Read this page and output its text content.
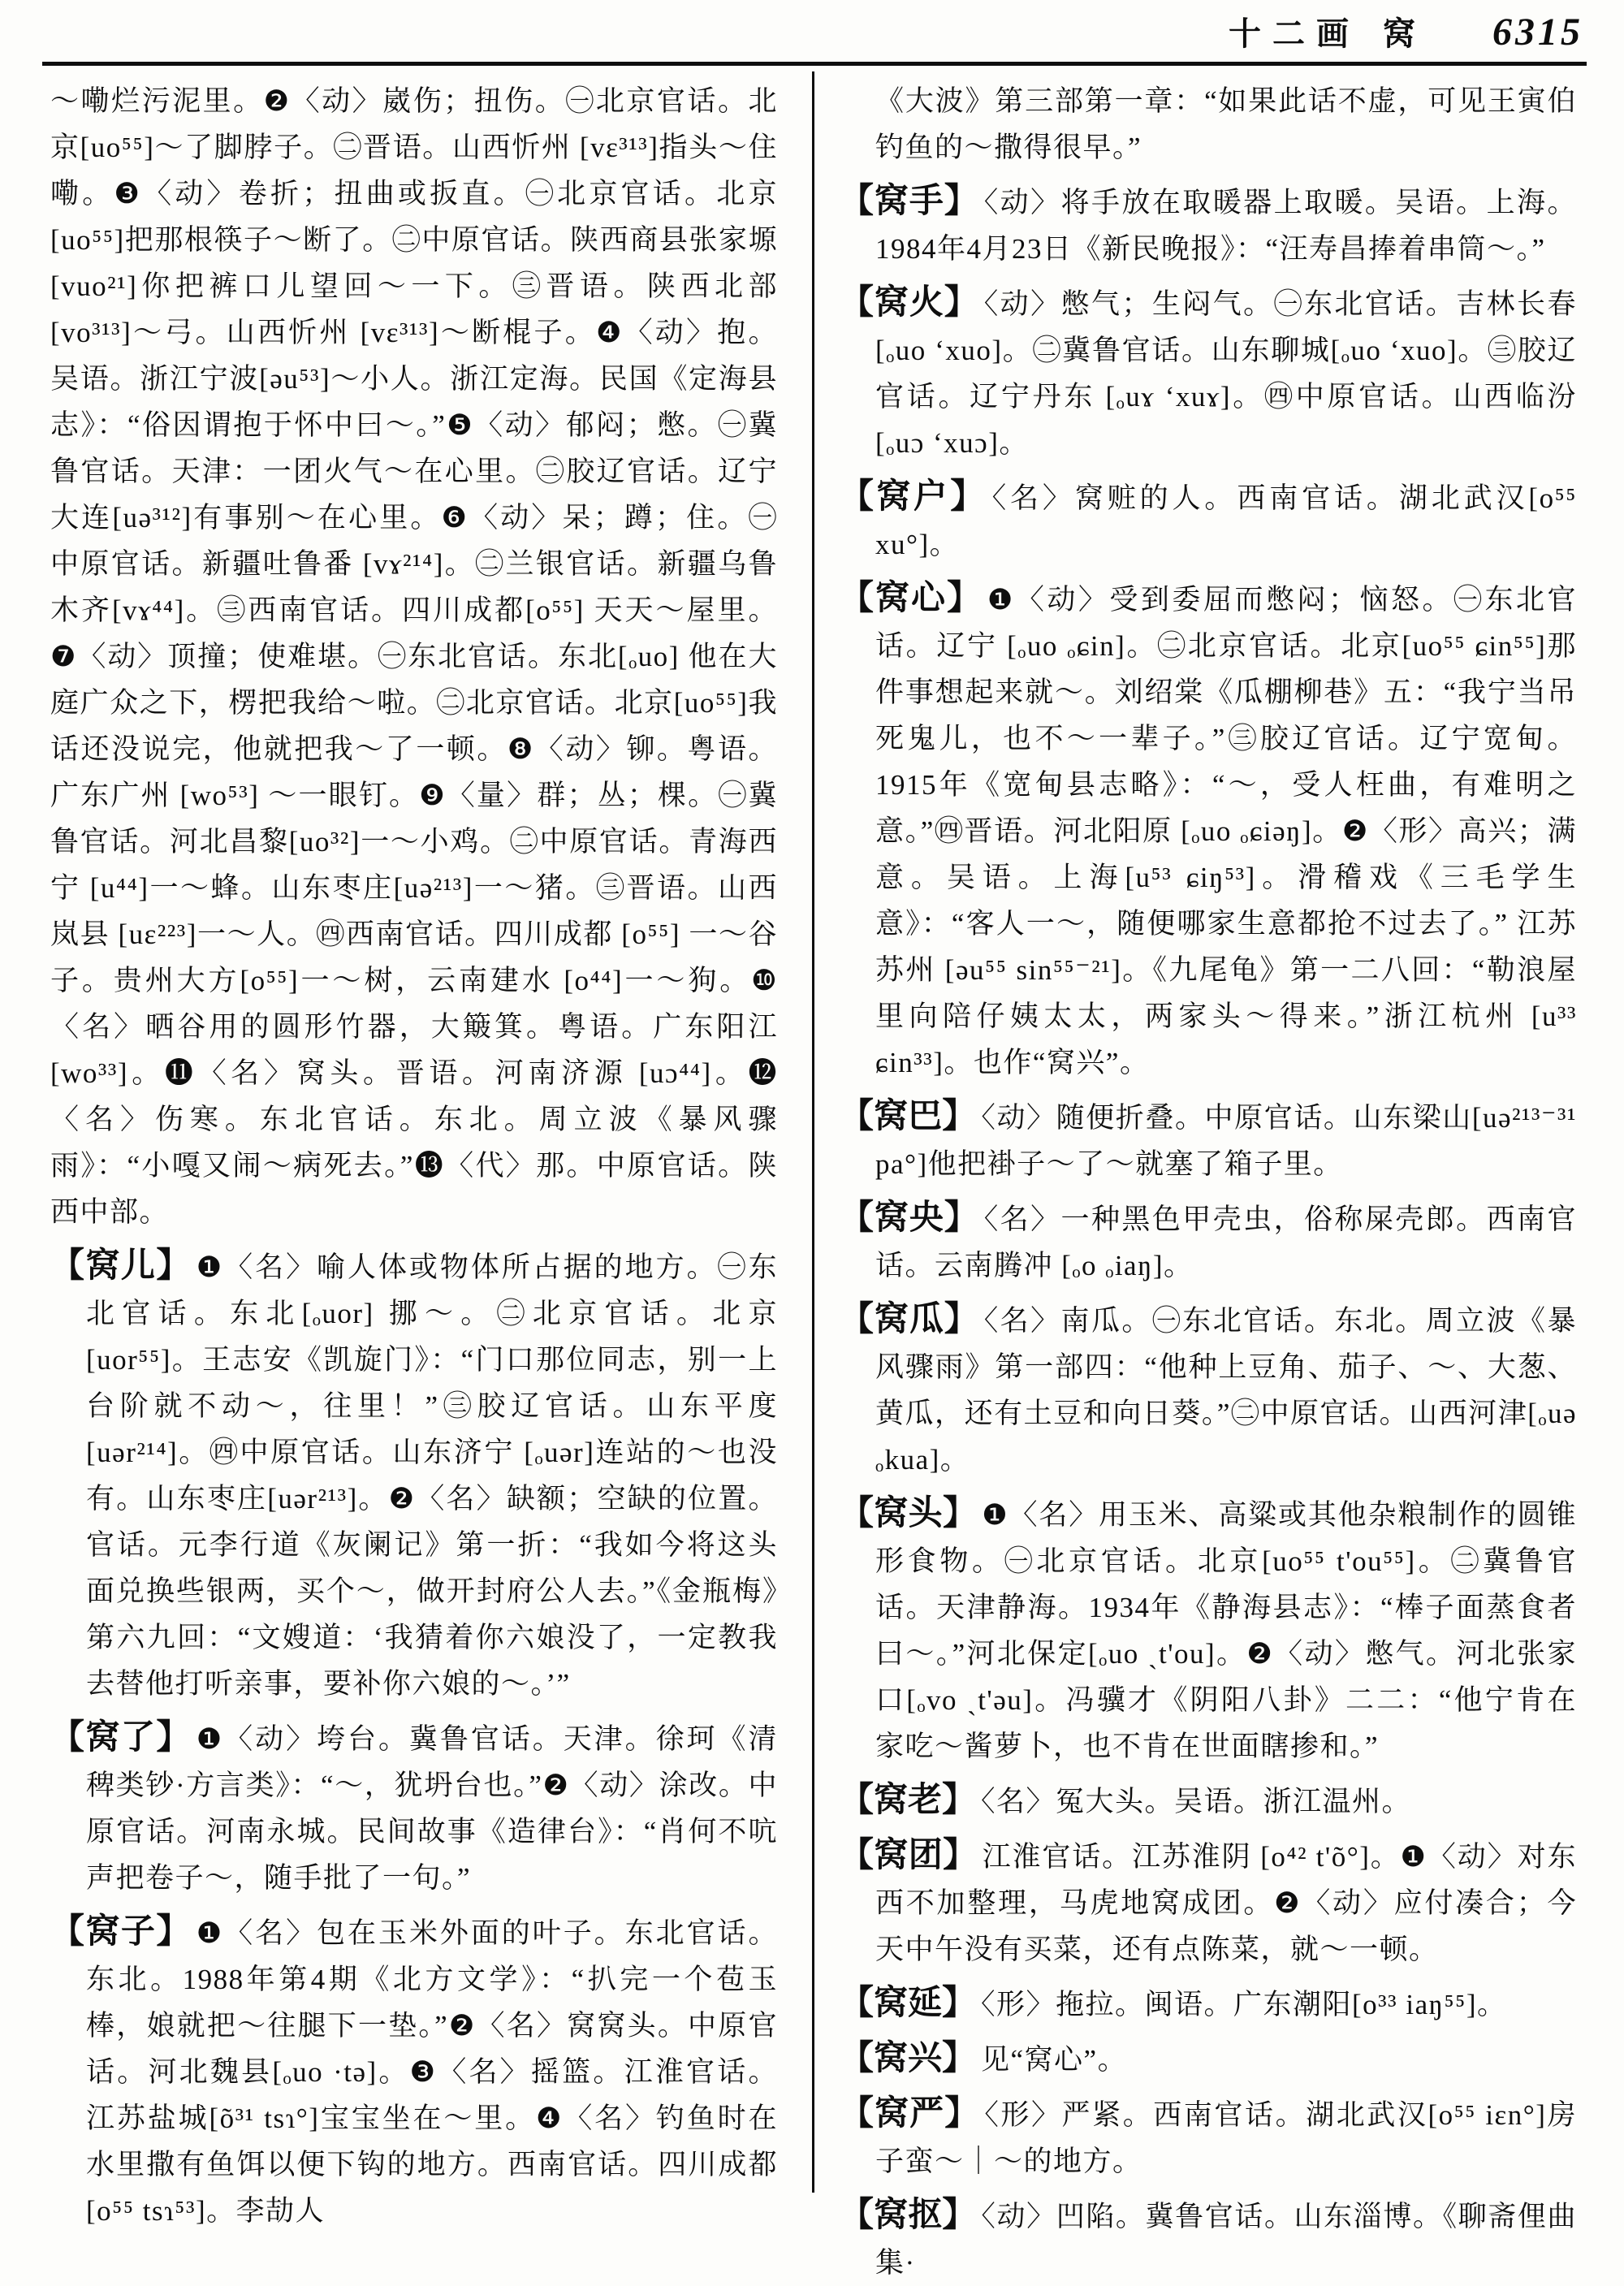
十二画 窝 6315

～嘞烂污泥里。❷〈动〉崴伤；扭伤。㊀北京官话。北京[uo⁵⁵]～了脚脖子。㊁晋语。山西忻州 [vɛ³¹³]指头～住嘞。❸〈动〉卷折；扭曲或扳直。㊀北京官话。北京[uo⁵⁵]把那根筷子～断了。㊁中原官话。陕西商县张家塬 [vuo²¹]你把裤口儿望回～一下。㊂晋语。陕西北部[vo³¹³]～弓。山西忻州 [vɛ³¹³]～断棍子。❹〈动〉抱。吴语。浙江宁波[əu⁵³]～小人。浙江定海。民国《定海县志》：“俗因谓抱于怀中曰～。”❺〈动〉郁闷；憋。㊀冀鲁官话。天津：一团火气～在心里。㊁胶辽官话。辽宁大连[uə³¹²]有事别～在心里。❻〈动〉呆；蹲；住。㊀中原官话。新疆吐鲁番 [vɤ²¹⁴]。㊁兰银官话。新疆乌鲁木齐[vɤ⁴⁴]。㊂西南官话。四川成都[o⁵⁵] 天天～屋里。❼〈动〉顶撞；使难堪。㊀东北官话。东北[ₒuo] 他在大庭广众之下，楞把我给～啦。㊁北京官话。北京[uo⁵⁵]我话还没说完，他就把我～了一顿。❽〈动〉铆。粤语。广东广州 [wo⁵³] ～一眼钉。❾〈量〉群；丛；棵。㊀冀鲁官话。河北昌黎[uo³²]一～小鸡。㊁中原官话。青海西宁 [u⁴⁴]一～蜂。山东枣庄[uə²¹³]一～猪。㊂晋语。山西岚县 [uɛ²²³]一～人。㊃西南官话。四川成都 [o⁵⁵] 一～谷子。贵州大方[o⁵⁵]一～树，云南建水 [o⁴⁴]一～狗。❿〈名〉晒谷用的圆形竹器，大簸箕。粤语。广东阳江 [wo³³]。⓫〈名〉窝头。晋语。河南济源 [uɔ⁴⁴]。⓬〈名〉伤寒。东北官话。东北。周立波《暴风骤雨》：“小嘎又闹～病死去。”⓭〈代〉那。中原官话。陕西中部。

【窝儿】 ❶〈名〉喻人体或物体所占据的地方。㊀东北官话。东北[ₒuor] 挪～。㊁北京官话。北京[uor⁵⁵]。王志安《凯旋门》：“门口那位同志，别一上台阶就不动～，往里！”㊂胶辽官话。山东平度[uər²¹⁴]。㊃中原官话。山东济宁 [ₒuər]连站的～也没有。山东枣庄[uər²¹³]。❷〈名〉缺额；空缺的位置。官话。元李行道《灰阑记》第一折：“我如今将这头面兑换些银两，买个～，做开封府公人去。”《金瓶梅》第六九回：“文嫂道：‘我猜着你六娘没了，一定教我去替他打听亲事，要补你六娘的～。’”

【窝了】 ❶〈动〉垮台。冀鲁官话。天津。徐珂《清稗类钞·方言类》：“～，犹坍台也。”❷〈动〉涂改。中原官话。河南永城。民间故事《造律台》：“肖何不吭声把卷子～，随手批了一句。”

【窝子】 ❶〈名〉包在玉米外面的叶子。东北官话。东北。1988年第4期《北方文学》：“扒完一个苞玉棒，娘就把～往腿下一垫。”❷〈名〉窝窝头。中原官话。河北魏县[ₒuo ·tə]。❸〈名〉摇篮。江淮官话。江苏盐城[õ³¹ tsɿ°]宝宝坐在～里。❹〈名〉钓鱼时在水里撒有鱼饵以便下钩的地方。西南官话。四川成都[o⁵⁵ tsɿ⁵³]。李劼人

《大波》第三部第一章：“如果此话不虚，可见王寅伯钓鱼的～撒得很早。”

【窝手】 〈动〉将手放在取暖器上取暖。吴语。上海。1984年4月23日《新民晚报》：“汪寿昌捧着串筒～。”

【窝火】 〈动〉憋气；生闷气。㊀东北官话。吉林长春[ₒuo ʻxuo]。㊁冀鲁官话。山东聊城[ₒuo ʻxuo]。㊂胶辽官话。辽宁丹东 [ₒuɤ ʻxuɤ]。㊃中原官话。山西临汾 [ₒuɔ ʻxuɔ]。

【窝户】 〈名〉窝赃的人。西南官话。湖北武汉[o⁵⁵ xu°]。

【窝心】 ❶〈动〉受到委屈而憋闷；恼怒。㊀东北官话。辽宁 [ₒuo ₒɕin]。㊁北京官话。北京[uo⁵⁵ ɕin⁵⁵]那件事想起来就～。刘绍棠《瓜棚柳巷》五：“我宁当吊死鬼儿，也不～一辈子。”㊂胶辽官话。辽宁宽甸。1915年《宽甸县志略》：“～，受人枉曲，有难明之意。”㊃晋语。河北阳原 [ₒuo ₒɕiəŋ]。❷〈形〉高兴；满意。吴语。上海[u⁵³ ɕiŋ⁵³]。滑稽戏《三毛学生意》：“客人一～，随便哪家生意都抢不过去了。” 江苏苏州 [əu⁵⁵ sin⁵⁵⁻²¹]。《九尾龟》第一二八回：“勒浪屋里向陪仔姨太太，两家头～得来。”浙江杭州 [u³³ ɕin³³]。也作“窝兴”。

【窝巴】 〈动〉随便折叠。中原官话。山东梁山[uə²¹³⁻³¹ pa°]他把褂子～了～就塞了箱子里。

【窝央】 〈名〉一种黑色甲壳虫，俗称屎壳郎。西南官话。云南腾冲 [ₒo ₒiaŋ]。

【窝瓜】 〈名〉南瓜。㊀东北官话。东北。周立波《暴风骤雨》第一部四：“他种上豆角、茄子、～、大葱、黄瓜，还有土豆和向日葵。”㊁中原官话。山西河津[ₒuə ₒkua]。

【窝头】 ❶〈名〉用玉米、高粱或其他杂粮制作的圆锥形食物。㊀北京官话。北京[uo⁵⁵ t'ou⁵⁵]。㊁冀鲁官话。天津静海。1934年《静海县志》：“棒子面蒸食者曰～。”河北保定[ₒuo ˏt'ou]。❷〈动〉憋气。河北张家口[ₒvo ˏt'əu]。冯骥才《阴阳八卦》二二：“他宁肯在家吃～酱萝卜，也不肯在世面瞎掺和。”

【窝老】 〈名〉冤大头。吴语。浙江温州。

【窝团】 江淮官话。江苏淮阴 [o⁴² t'õ°]。❶〈动〉对东西不加整理，马虎地窝成团。❷〈动〉应付凑合；今天中午没有买菜，还有点陈菜，就～一顿。

【窝延】 〈形〉拖拉。闽语。广东潮阳[o³³ iaŋ⁵⁵]。

【窝兴】 见“窝心”。

【窝严】 〈形〉严紧。西南官话。湖北武汉[o⁵⁵ iɛn°]房子蛮～｜～的地方。

【窝抠】 〈动〉凹陷。冀鲁官话。山东淄博。《聊斋俚曲集·
